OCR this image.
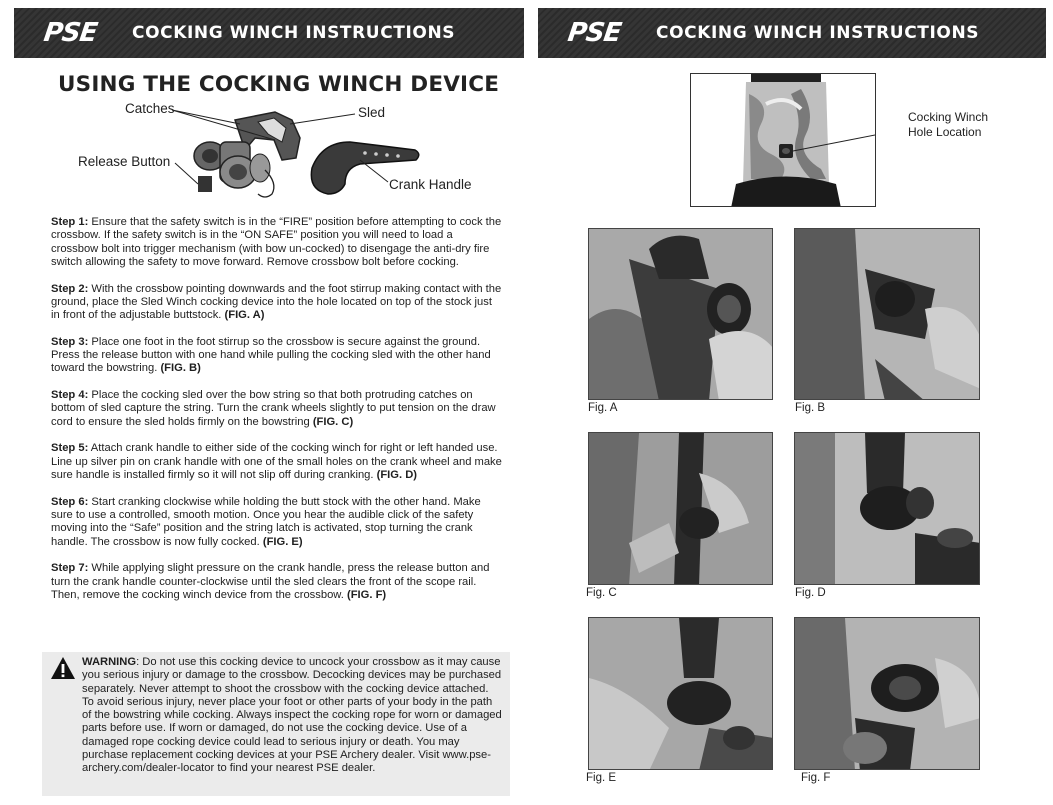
PSE	COCKING WINCH INSTRUCTIONS	PSE	COCKING WINCH INSTRUCTIONS
USING THE COCKING WINCH DEVICE
Catches	Sled
Release Button
Crank Handle

Step 1: Ensure that the safety switch is in the “FIRE” position before attempting to cock the crossbow. If the safety switch is in the “ON SAFE” position you will need to load a crossbow bolt into trigger mechanism (with bow un-cocked) to disengage the anti-dry fire switch allowing the safety to move forward. Remove crossbow bolt before cocking.

Step 2: With the crossbow pointing downwards and the foot stirrup making contact with the ground, place the Sled Winch cocking device into the hole located on top of the stock just in front of the adjustable buttstock. (FIG. A)

Step 3: Place one foot in the foot stirrup so the crossbow is secure against the ground. Press the release button with one hand while pulling the cocking sled with the other hand toward the bowstring. (FIG. B)

Step 4: Place the cocking sled over the bow string so that both protruding catches on bottom of sled capture the string. Turn the crank wheels slightly to put tension on the draw cord to ensure the sled holds firmly on the bowstring (FIG. C)

Step 5: Attach crank handle to either side of the cocking winch for right or left handed use. Line up silver pin on crank handle with one of the small holes on the crank wheel and make sure handle is installed firmly so it will not slip off during cranking. (FIG. D)

Step 6: Start cranking clockwise while holding the butt stock with the other hand. Make sure to use a controlled, smooth motion. Once you hear the audible click of the safety moving into the “Safe” position and the string latch is activated, stop turning the crank handle. The crossbow is now fully cocked. (FIG. E)

Step 7: While applying slight pressure on the crank handle, press the release button and turn the crank handle counter-clockwise until the sled clears the front of the scope rail. Then, remove the cocking winch device from the crossbow. (FIG. F)

WARNING: Do not use this cocking device to uncock your crossbow as it may cause you serious injury or damage to the crossbow. Decocking devices may be purchased separately. Never attempt to shoot the crossbow with the cocking device attached. To avoid serious injury, never place your foot or other parts of your body in the path of the bowstring while cocking. Always inspect the cocking rope for worn or damaged parts before use. If worn or damaged, do not use the cocking device. Use of a damaged rope cocking device could lead to serious injury or death. You may purchase replacement cocking devices at your PSE Archery dealer. Visit www.pse-archery.com/dealer-locator to find your nearest PSE dealer.

Cocking Winch
Hole Location
Fig. A	Fig. B
Fig. C	Fig. D
Fig. E	Fig. F
